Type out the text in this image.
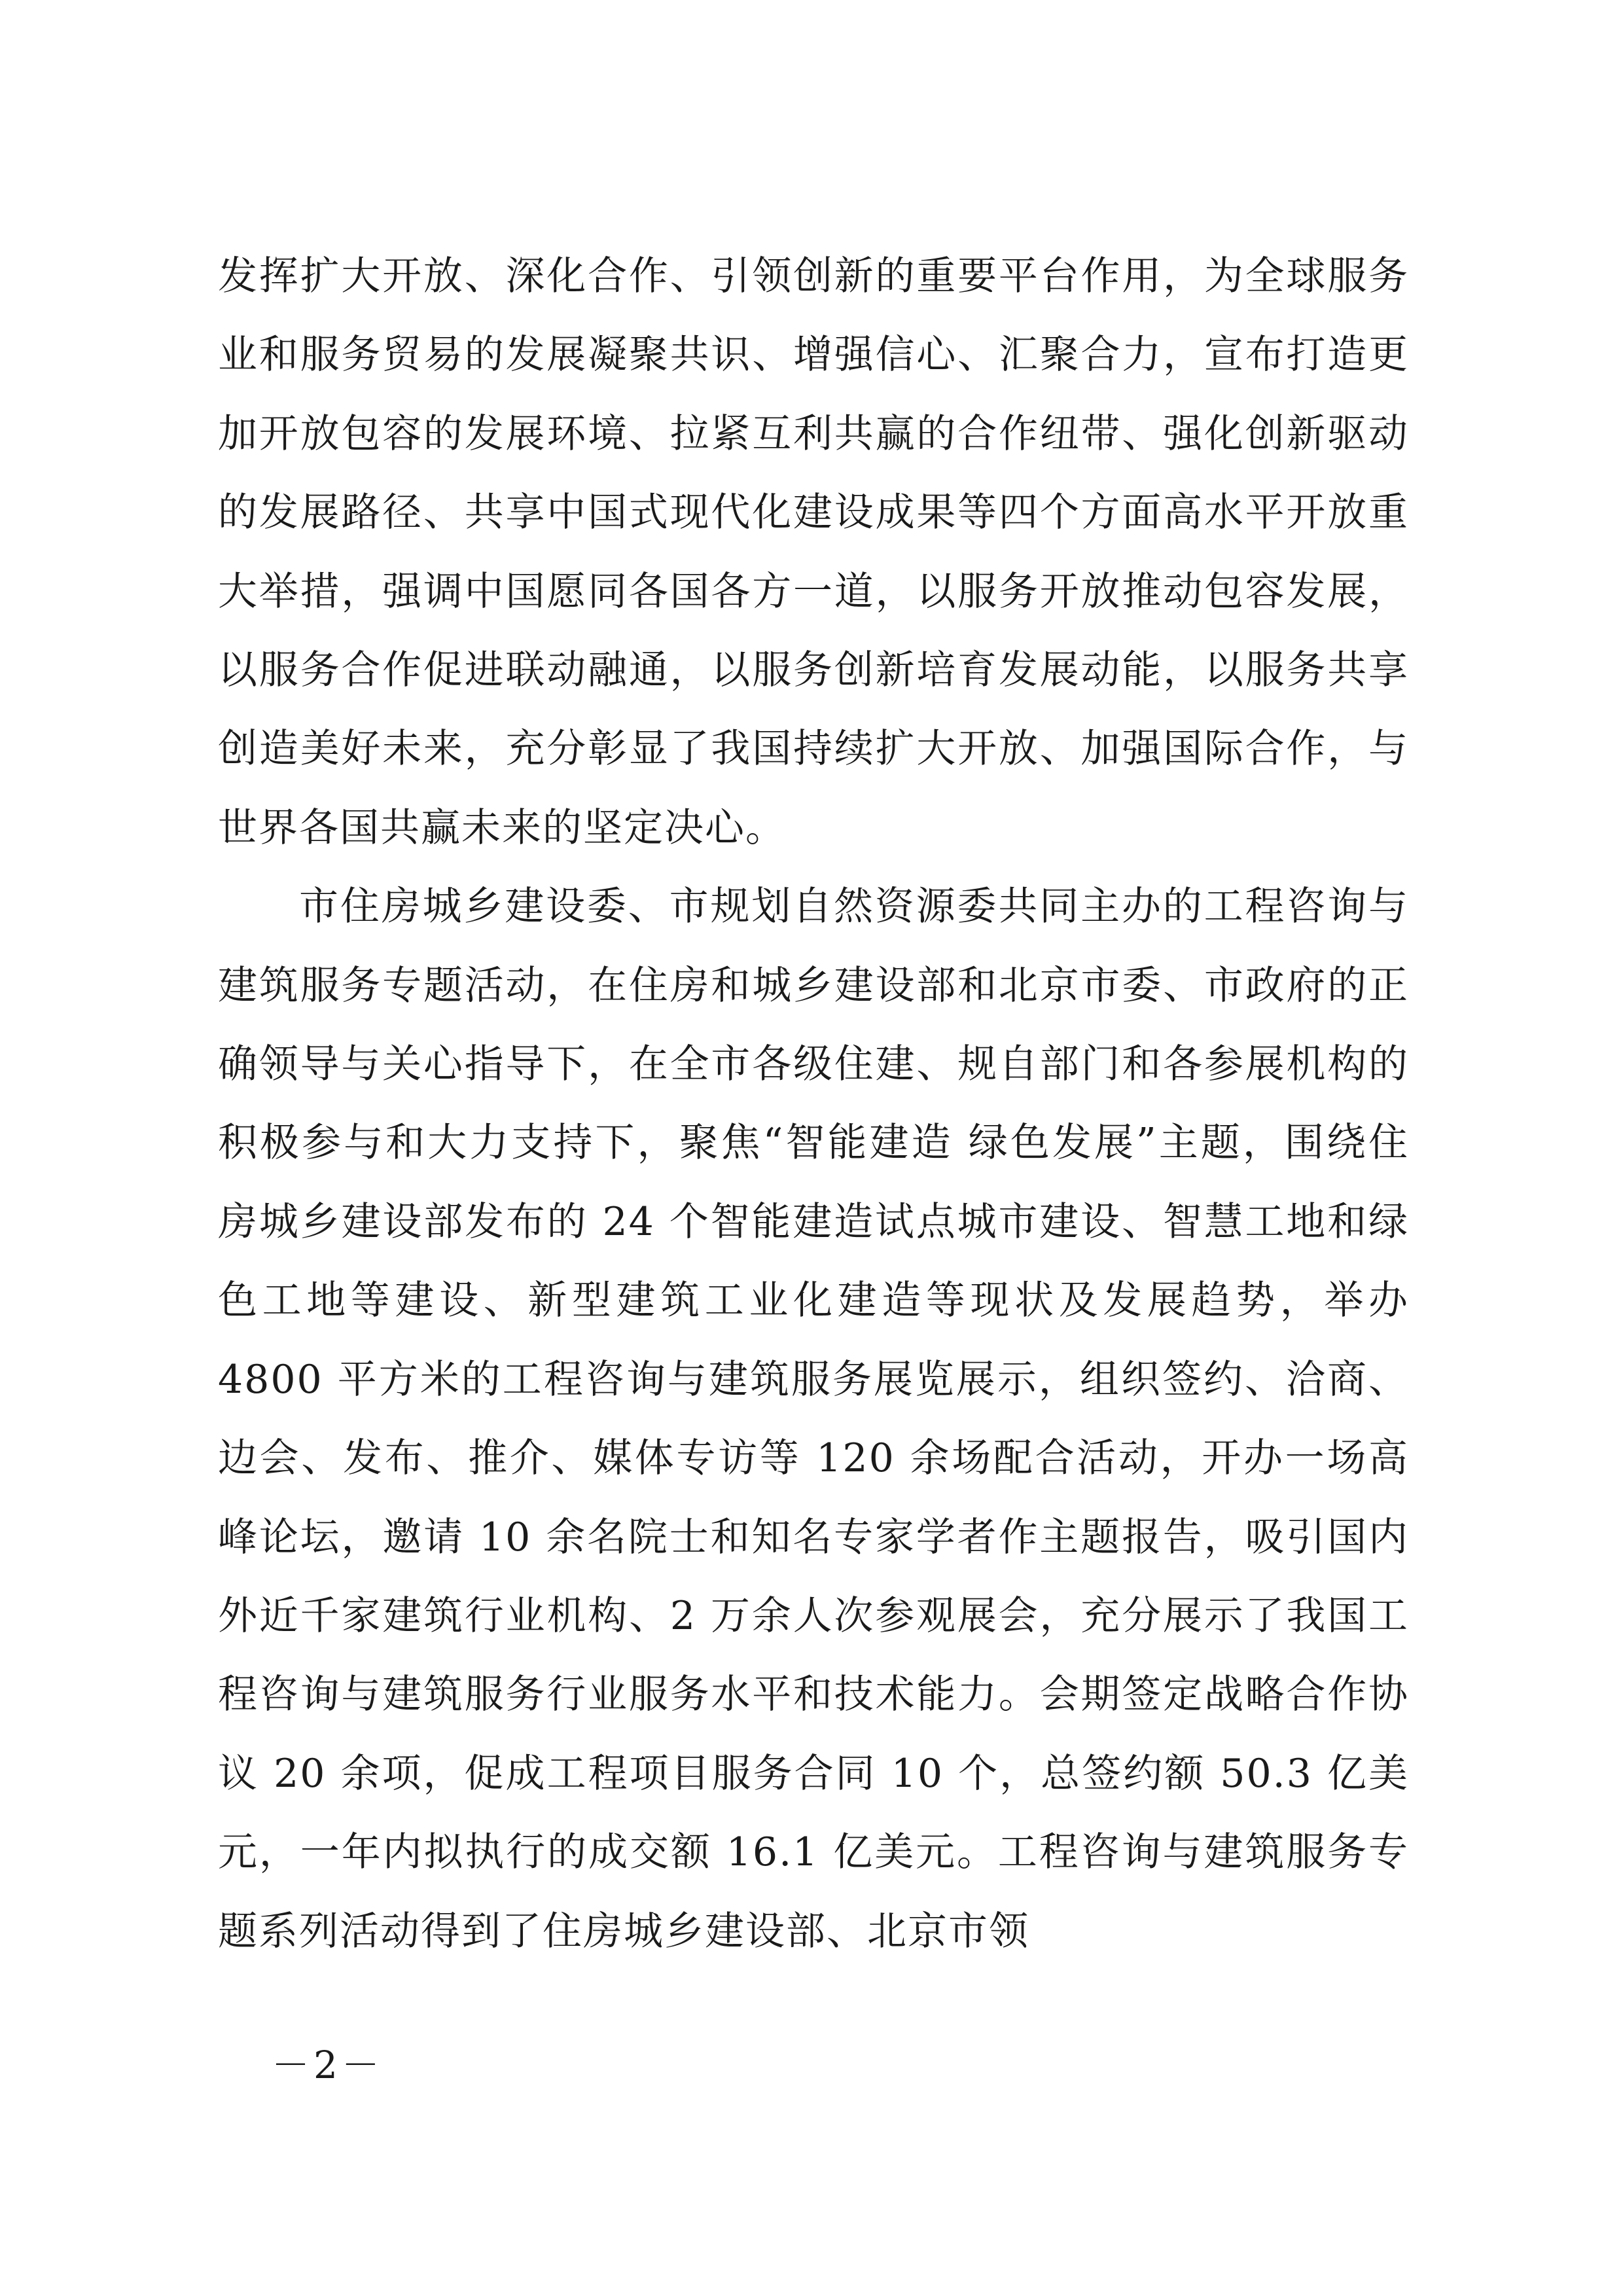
发挥扩大开放、深化合作、引领创新的重要平台作用，为全球服务业和服务贸易的发展凝聚共识、增强信心、汇聚合力，宣布打造更加开放包容的发展环境、拉紧互利共赢的合作纽带、强化创新驱动的发展路径、共享中国式现代化建设成果等四个方面高水平开放重大举措，强调中国愿同各国各方一道，以服务开放推动包容发展，以服务合作促进联动融通，以服务创新培育发展动能，以服务共享创造美好未来，充分彰显了我国持续扩大开放、加强国际合作，与世界各国共赢未来的坚定决心。

市住房城乡建设委、市规划自然资源委共同主办的工程咨询与建筑服务专题活动，在住房和城乡建设部和北京市委、市政府的正确领导与关心指导下，在全市各级住建、规自部门和各参展机构的积极参与和大力支持下，聚焦“智能建造 绿色发展”主题，围绕住房城乡建设部发布的 24 个智能建造试点城市建设、智慧工地和绿色工地等建设、新型建筑工业化建造等现状及发展趋势，举办 4800 平方米的工程咨询与建筑服务展览展示，组织签约、洽商、边会、发布、推介、媒体专访等 120 余场配合活动，开办一场高峰论坛，邀请 10 余名院士和知名专家学者作主题报告，吸引国内外近千家建筑行业机构、2 万余人次参观展会，充分展示了我国工程咨询与建筑服务行业服务水平和技术能力。会期签定战略合作协议 20 余项，促成工程项目服务合同 10 个，总签约额 50.3 亿美元，一年内拟执行的成交额 16.1 亿美元。工程咨询与建筑服务专题系列活动得到了住房城乡建设部、北京市领

－2－
